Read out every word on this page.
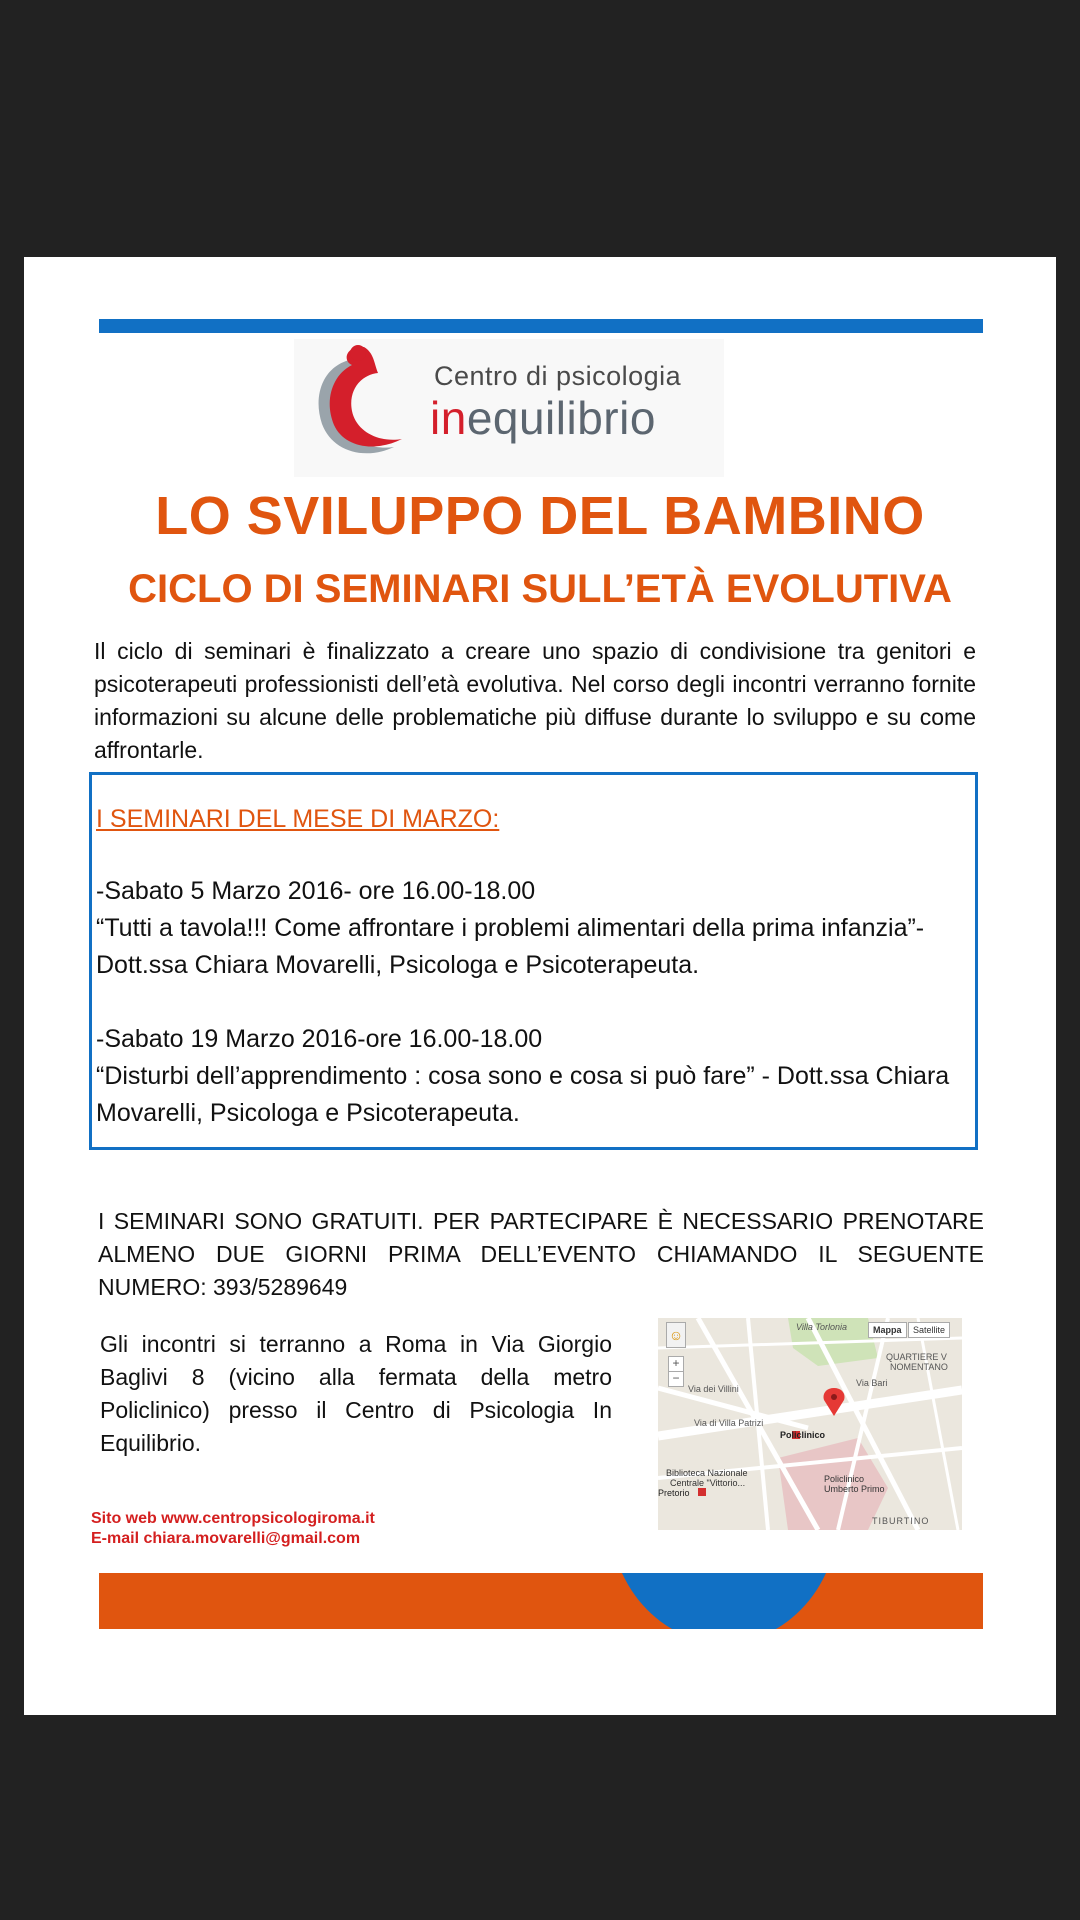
Centro di psicologia
inequilibrio
LO SVILUPPO DEL BAMBINO
CICLO DI SEMINARI SULL’ETÀ EVOLUTIVA
Il ciclo di seminari è finalizzato a creare uno spazio di condivisione tra genitori e psicoterapeuti professionisti dell’età evolutiva. Nel corso degli incontri verranno fornite informazioni su alcune delle problematiche più diffuse durante lo sviluppo e su come affrontarle.
I SEMINARI DEL MESE DI MARZO:
-Sabato 5 Marzo 2016- ore 16.00-18.00
“Tutti a tavola!!! Come affrontare i problemi alimentari della prima infanzia”- Dott.ssa Chiara Movarelli, Psicologa e Psicoterapeuta.
-Sabato 19 Marzo 2016-ore 16.00-18.00
“Disturbi dell’apprendimento : cosa sono e cosa si può fare” - Dott.ssa Chiara Movarelli, Psicologa e Psicoterapeuta.
I SEMINARI SONO GRATUITI. PER PARTECIPARE È NECESSARIO PRENOTARE ALMENO DUE GIORNI PRIMA DELL’EVENTO CHIAMANDO IL SEGUENTE NUMERO: 393/5289649
Gli incontri si terranno a Roma in Via Giorgio Baglivi 8 (vicino alla fermata della metro Policlinico) presso il Centro di Psicologia In Equilibrio.
☺
+
−
Mappa	Satellite
Villa Torlonia
QUARTIERE V
NOMENTANO
Via Bari
Via dei Villini
Via di Villa Patrizi
Policlinico
Biblioteca Nazionale
Centrale "Vittorio...
Pretorio
Policlinico
Umberto Primo
TIBURTINO
Sito web www.centropsicologiroma.it
E-mail chiara.movarelli@gmail.com
